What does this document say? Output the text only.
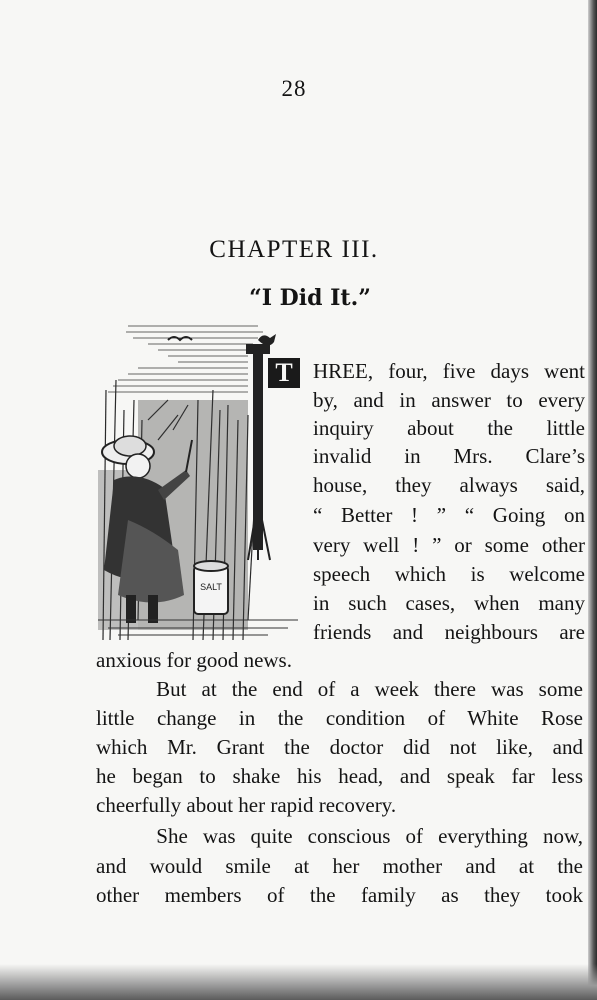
28
CHAPTER III.
“I Did It.”
SALT
T HREE, four, five days went
by, and in answer to every
inquiry about the little
invalid in Mrs. Clare’s
house, they always said,
“ Better ! ” “ Going on
very well ! ” or some other
speech which is welcome
in such cases, when many
friends and neighbours are
anxious for good news.
But at the end of a week there was some
little change in the condition of White Rose
which Mr. Grant the doctor did not like, and
he began to shake his head, and speak far less
cheerfully about her rapid recovery.
She was quite conscious of everything now,
and would smile at her mother and at the
other members of the family as they took
